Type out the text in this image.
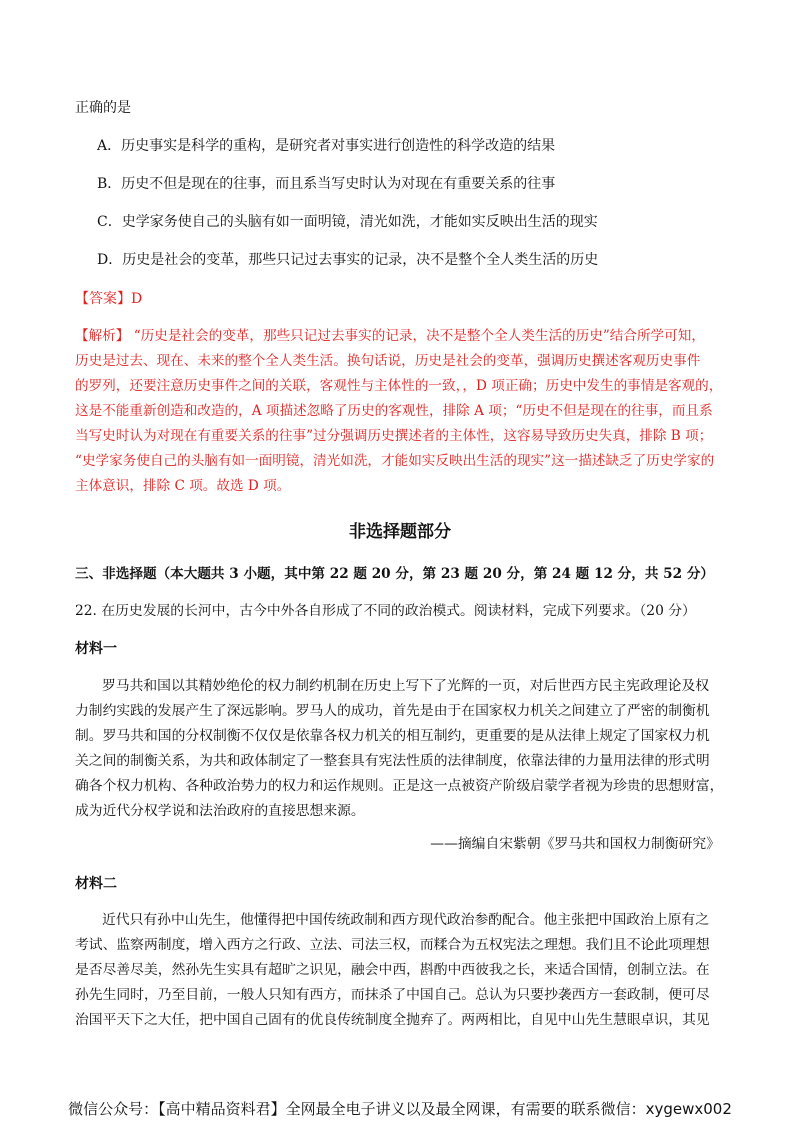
正确的是
A．历史事实是科学的重构，是研究者对事实进行创造性的科学改造的结果
B．历史不但是现在的往事，而且系当写史时认为对现在有重要关系的往事
C．史学家务使自己的头脑有如一面明镜，清光如洗，才能如实反映出生活的现实
D．历史是社会的变革，那些只记过去事实的记录，决不是整个全人类生活的历史
【答案】D
【解析】 “历史是社会的变革，那些只记过去事实的记录，决不是整个全人类生活的历史”结合所学可知，
历史是过去、现在、未来的整个全人类生活。换句话说，历史是社会的变革，强调历史撰述客观历史事件
的罗列，还要注意历史事件之间的关联，客观性与主体性的一致，，D 项正确；历史中发生的事情是客观的，
这是不能重新创造和改造的，A 项描述忽略了历史的客观性，排除 A 项；“历史不但是现在的往事，而且系
当写史时认为对现在有重要关系的往事”过分强调历史撰述者的主体性，这容易导致历史失真，排除 B 项；
“史学家务使自己的头脑有如一面明镜，清光如洗，才能如实反映出生活的现实”这一描述缺乏了历史学家的
主体意识，排除 C 项。故选 D 项。
非选择题部分
三、非选择题（本大题共 3 小题，其中第 22 题 20 分，第 23 题 20 分，第 24 题 12 分，共 52 分）
22. 在历史发展的长河中，古今中外各自形成了不同的政治模式。阅读材料，完成下列要求。（20 分）
材料一
罗马共和国以其精妙绝伦的权力制约机制在历史上写下了光辉的一页，对后世西方民主宪政理论及权
力制约实践的发展产生了深远影响。罗马人的成功，首先是由于在国家权力机关之间建立了严密的制衡机
制。罗马共和国的分权制衡不仅仅是依靠各权力机关的相互制约，更重要的是从法律上规定了国家权力机
关之间的制衡关系，为共和政体制定了一整套具有宪法性质的法律制度，依靠法律的力量用法律的形式明
确各个权力机构、各种政治势力的权力和运作规则。正是这一点被资产阶级启蒙学者视为珍贵的思想财富，
成为近代分权学说和法治政府的直接思想来源。
——摘编自宋紫朝《罗马共和国权力制衡研究》
材料二
近代只有孙中山先生，他懂得把中国传统政制和西方现代政治参酌配合。他主张把中国政治上原有之
考试、监察两制度，增入西方之行政、立法、司法三权，而糅合为五权宪法之理想。我们且不论此项理想
是否尽善尽美，然孙先生实具有超旷之识见，融会中西，斟酌中西彼我之长，来适合国情，创制立法。在
孙先生同时，乃至目前，一般人只知有西方，而抹杀了中国自己。总认为只要抄袭西方一套政制，便可尽
治国平天下之大任，把中国自己固有的优良传统制度全抛弃了。两两相比，自见中山先生慧眼卓识，其见
微信公众号：【高中精品资料君】全网最全电子讲义以及最全网课，有需要的联系微信：xygewx002
